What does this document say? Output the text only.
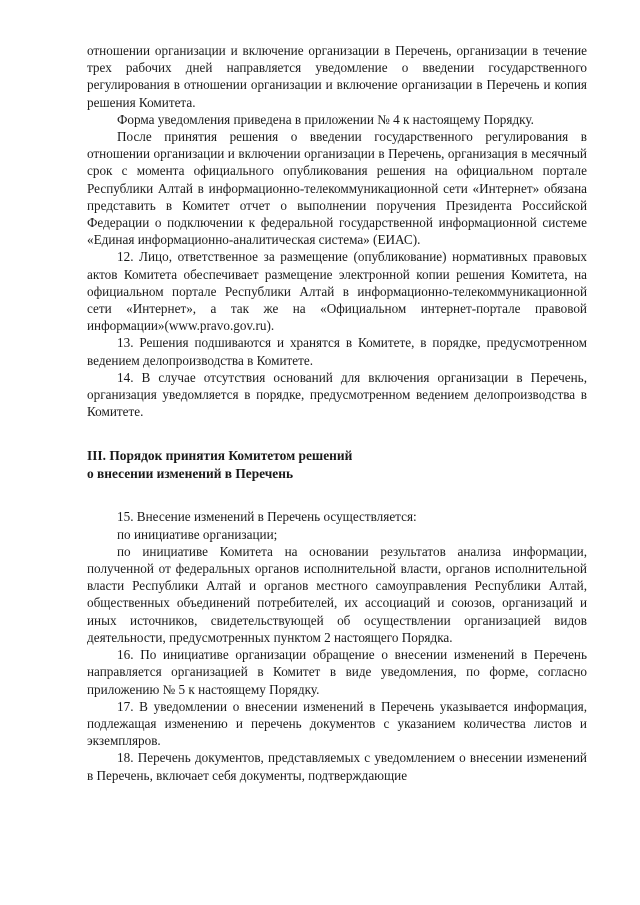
отношении организации и включение организации в Перечень, организации в течение трех рабочих дней направляется уведомление о введении государственного регулирования в отношении организации и включение организации в Перечень и копия решения Комитета.

Форма уведомления приведена в приложении № 4 к настоящему Порядку.

После принятия решения о введении государственного регулирования в отношении организации и включении организации в Перечень, организация в месячный срок с момента официального опубликования решения на официальном портале Республики Алтай в информационно-телекоммуникационной сети «Интернет» обязана представить в Комитет отчет о выполнении поручения Президента Российской Федерации о подключении к федеральной государственной информационной системе «Единая информационно-аналитическая система» (ЕИАС).

12. Лицо, ответственное за размещение (опубликование) нормативных правовых актов Комитета обеспечивает размещение электронной копии решения Комитета, на официальном портале Республики Алтай в информационно-телекоммуникационной сети «Интернет», а так же на «Официальном интернет-портале правовой информации»(www.pravo.gov.ru).

13. Решения подшиваются и хранятся в Комитете, в порядке, предусмотренном ведением делопроизводства в Комитете.

14. В случае отсутствия оснований для включения организации в Перечень, организация уведомляется в порядке, предусмотренном ведением делопроизводства в Комитете.

III. Порядок принятия Комитетом решений

о внесении изменений в Перечень

15. Внесение изменений в Перечень осуществляется:

по инициативе организации;

по инициативе Комитета на основании результатов анализа информации, полученной от федеральных органов исполнительной власти, органов исполнительной власти Республики Алтай и органов местного самоуправления Республики Алтай, общественных объединений потребителей, их ассоциаций и союзов, организаций и иных источников, свидетельствующей об осуществлении организацией видов деятельности, предусмотренных пунктом 2 настоящего Порядка.

16. По инициативе организации обращение о внесении изменений в Перечень направляется организацией в Комитет в виде уведомления, по форме, согласно приложению № 5 к настоящему Порядку.

17. В уведомлении о внесении изменений в Перечень указывается информация, подлежащая изменению и перечень документов с указанием количества листов и экземпляров.

18. Перечень документов, представляемых с уведомлением о внесении изменений в Перечень, включает себя документы, подтверждающие
